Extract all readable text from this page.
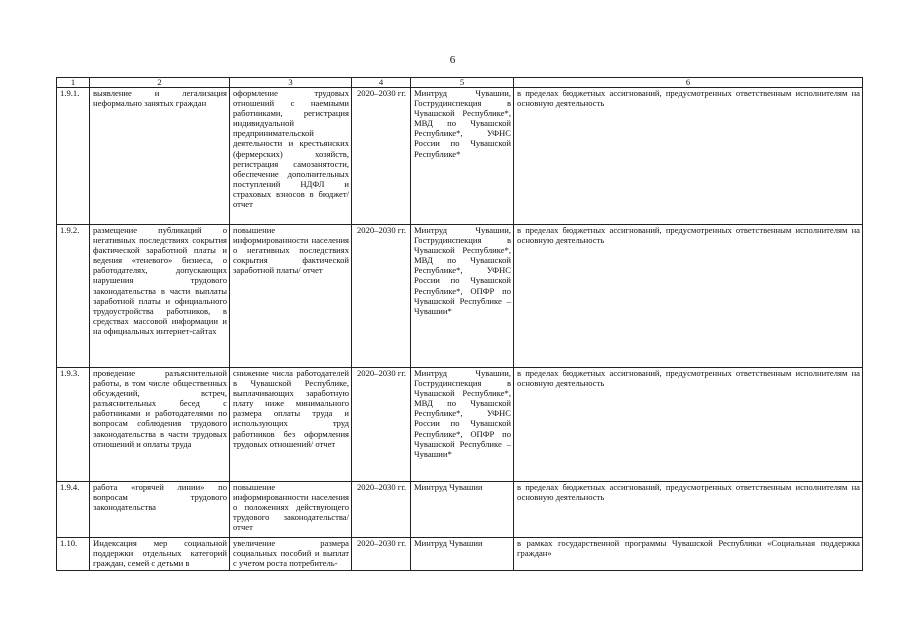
6
1	2	3	4	5	6
1.9.1.	выявление и легализация неформально занятых граждан	оформление трудовых отношений с наемными работниками, регистрация индивидуальной предпринимательской деятельности и крестьянских (фермерских) хозяйств, регистрация самозанятости, обеспечение дополнительных поступлений НДФЛ и страховых взносов в бюджет/ отчет	2020–2030 гг.	Минтруд Чувашии, Гострудинспекция в Чувашской Республике*, МВД по Чувашской Республике*, УФНС России по Чувашской Республике*	в пределах бюджетных ассигнований, предусмотренных ответственным исполнителям на основную деятельность
1.9.2.	размещение публикаций о негативных последствиях сокрытия фактической заработной платы и ведения «теневого» бизнеса, о работодателях, допускающих нарушения трудового законодательства в части выплаты заработной платы и официального трудоустройства работников, в средствах массовой информации и на официальных интернет-сайтах	повышение информированности населения о негативных последствиях сокрытия фактической заработной платы/ отчет	2020–2030 гг.	Минтруд Чувашии, Гострудинспекция в Чувашской Республике*, МВД по Чувашской Республике*, УФНС России по Чувашской Республике*, ОПФР по Чувашской Республике – Чувашии*	в пределах бюджетных ассигнований, предусмотренных ответственным исполнителям на основную деятельность
1.9.3.	проведение разъяснительной работы, в том числе общественных обсуждений, встреч, разъяснительных бесед с работниками и работодателями по вопросам соблюдения трудового законодательства в части трудовых отношений и оплаты труда	снижение числа работодателей в Чувашской Республике, выплачивающих заработную плату ниже минимального размера оплаты труда и использующих труд работников без оформления трудовых отношений/ отчет	2020–2030 гг.	Минтруд Чувашии, Гострудинспекция в Чувашской Республике*, МВД по Чувашской Республике*, УФНС России по Чувашской Республике*, ОПФР по Чувашской Республике – Чувашии*	в пределах бюджетных ассигнований, предусмотренных ответственным исполнителям на основную деятельность
1.9.4.	работа «горячей линии» по вопросам трудового законодательства	повышение информированности населения о положениях действующего трудового законодательства/ отчет	2020–2030 гг.	Минтруд Чувашии	в пределах бюджетных ассигнований, предусмотренных ответственным исполнителям на основную деятельность
1.10.	Индексация мер социальной поддержки отдельных категорий граждан, семей с детьми в	увеличение размера социальных пособий и выплат с учетом роста потребитель-	2020–2030 гг.	Минтруд Чувашии	в рамках государственной программы Чувашской Республики «Социальная поддержка граждан»
